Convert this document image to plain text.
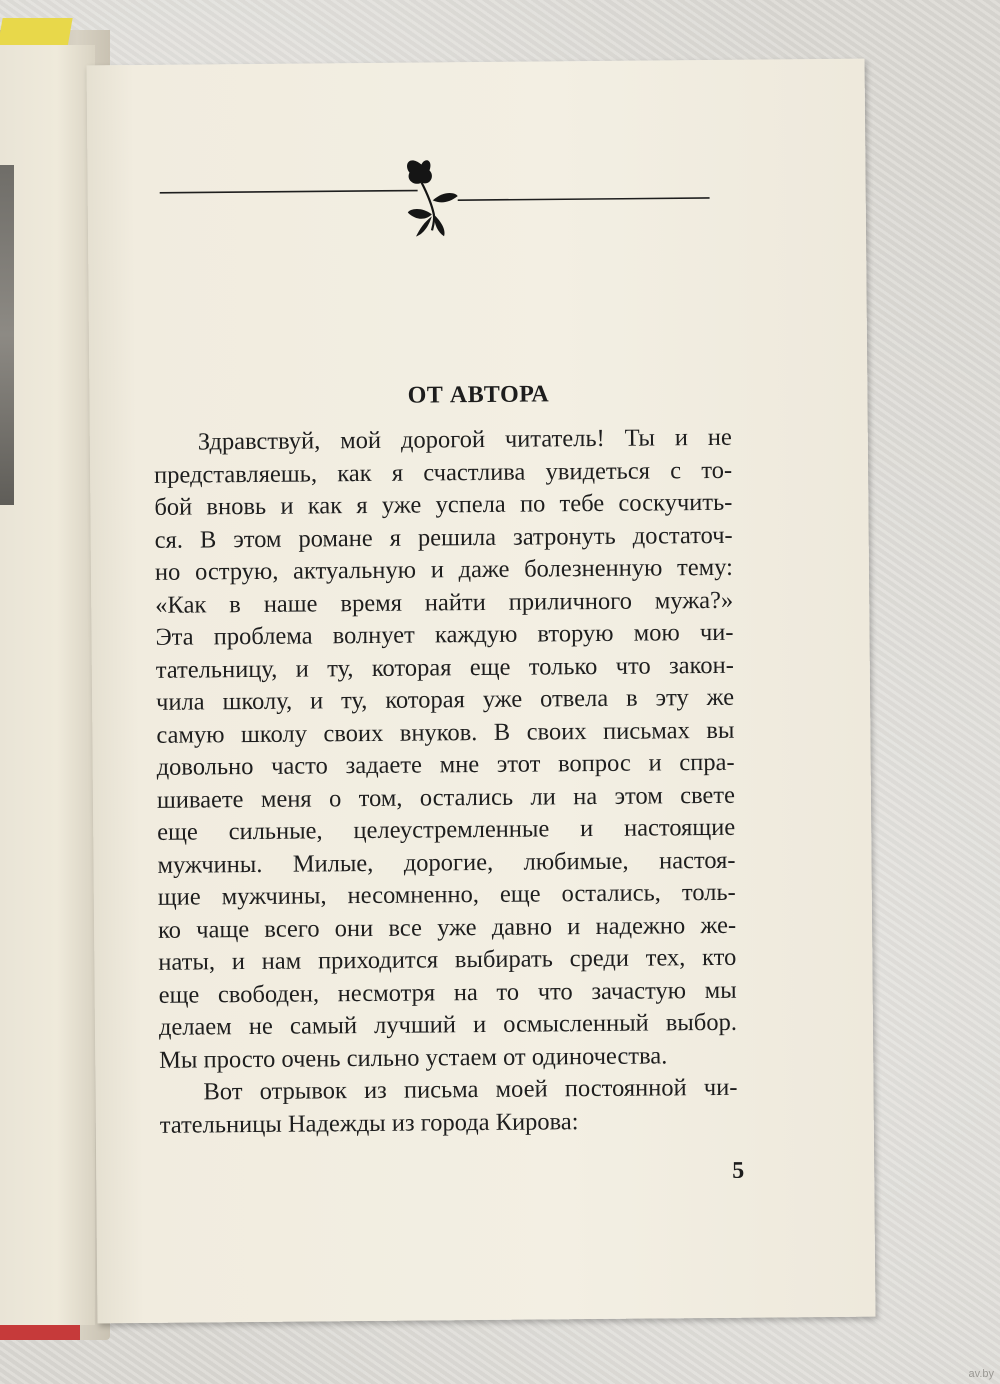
ОТ АВТОРА
Здравствуй, мой дорогой читатель! Ты и не
представляешь, как я счастлива увидеться с то-
бой вновь и как я уже успела по тебе соскучить-
ся. В этом романе я решила затронуть достаточ-
но острую, актуальную и даже болезненную тему:
«Как в наше время найти приличного мужа?»
Эта проблема волнует каждую вторую мою чи-
тательницу, и ту, которая еще только что закон-
чила школу, и ту, которая уже отвела в эту же
самую школу своих внуков. В своих письмах вы
довольно часто задаете мне этот вопрос и спра-
шиваете меня о том, остались ли на этом свете
еще сильные, целеустремленные и настоящие
мужчины. Милые, дорогие, любимые, настоя-
щие мужчины, несомненно, еще остались, толь-
ко чаще всего они все уже давно и надежно же-
наты, и нам приходится выбирать среди тех, кто
еще свободен, несмотря на то что зачастую мы
делаем не самый лучший и осмысленный выбор.
Мы просто очень сильно устаем от одиночества.
Вот отрывок из письма моей постоянной чи-
тательницы Надежды из города Кирова:
5
av.by
